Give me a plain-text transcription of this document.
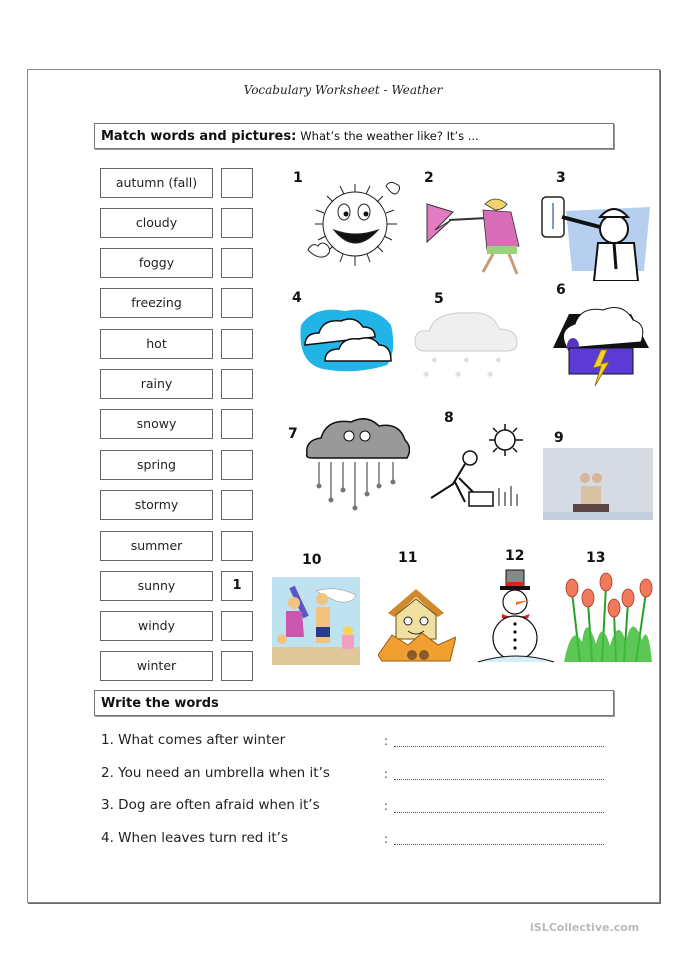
Vocabulary Worksheet - Weather
Match words and pictures: What’s the weather like? It’s ...
autumn (fall)
cloudy
foggy
freezing
hot
rainy
snowy
spring
stormy
summer
sunny	1
windy
winter
1	2	3
4	5
6
7
8
9
10	11	12	13
* * *
* * *
Write the words
1. What comes after winter	:
2. You need an umbrella when it’s	:
3. Dog are often afraid when it’s	:
4. When leaves turn red it’s	:
iSLCollective.com
